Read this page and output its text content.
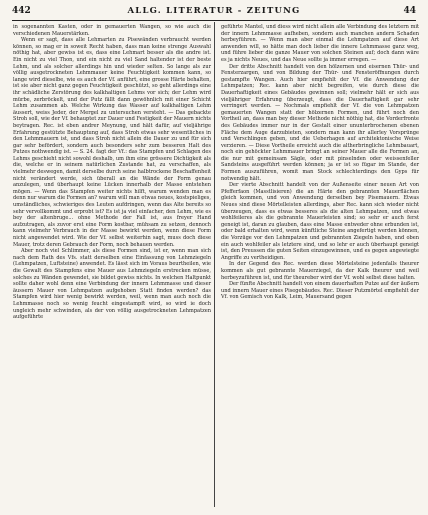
442	ALLG. LITERATUR - ZEITUNG	44

in sogenannten Kasten, oder in gemauerten Wangen, so wie auch die verschiedenen Mauerstärken.

Wenn er sagt, dass alle Lehmarten zu Pisewänden verbraucht werden können, so mag er in soweit Recht haben, dass man keine strenge Auswahl nöthig hat, aber gewiss ist es, dass eine Lehmart besser als die andre ist. Ein nicht zu viel Thon, und ein nicht zu viel Sand haltender ist der beste Lehm, und als solcher allerdings hin und wieder selten. So lange als zur völlig ausgetrockneten Lehmmauer keine Feuchtigkeit kommen kann, so lange wird dieselbe, wie es auch der Vf. anführt, eine grosse Härte behalten, ist sie aber nicht ganz gegen Feuchtigkeit geschützt, so geht allerdings eine ihr schädliche Zerstörung des kalkhaltigen Lehms vor sich; der Lehm wird mürbe, zerbröckelt, und der Putz fällt dann gewöhnlich mit einer Schicht Lehm zusammen ab. Welche Wirkung das Wasser auf kalkhaltigen Lehm äussert, weiss Jeder, der Mergel zu untersuchen versteht. — Das gebackte Stroh soll, wie der Vf. behauptet zur Dauer und Festigkeit der Mauern nichts beytragen. Rec. ist eben andrer Meynung, und hält dafür, auf vieljährige Erfahrung gestützte Behauptung auf, dass Stroh etwas sehr wesentliches in den Lehmmauern ist, und dass Stroh nicht allein die Dauer zu und für sich gar sehr befördert, sondern auch besonders sehr zum besseren Halt des Putzes nothwendig ist. — S. 24. fagt der Vf.: das Stampfen und Schlagen des Lehms geschieht nicht sowohl deshalb, um ihm eine grössere Dichtigkeit als die, welche er in seinem natürlichen Zustande hat, zu verschaffen, als vielmehr deswegen, damit derselbe durch seine halbtrockene Beschaffenheit nicht verändert werde, sich überall an die Wände der Form genau anzulegen, und überhaupt keine Lücken innerhalb der Masse entstehen mögen. — Wenn das Stampfen weiter nichts hilft, warum wenden man es denn nur warum die Formen an? warum will man etwas neues, kostspieliges, umständliches, schwieriges des Leuten aufdringen, wenn das Alte bereits so sehr vervollkommt und erprobt ist? Es ist ja viel einfacher, den Lehm, wie es bey der altenbruge... ohne Methode der Fall ist, aus freyer Hand aufzutragen, als zuvor erst eine Form kostbar, mühsam zu setzen, dennoch kann vielmehr Verbrauch in der Masse bewirkt werden, wenn diese Form nicht angewendet wird. Wie der Vf. selbst weiterhin sagt, muss doch diese Mauer, trotz deren Gebrauch der Form, noch behauen werden.

Aber noch viel Schlimmer, als diese Formen sind, ist er, wenn man sich nach dem Rath des Vfs. statt derselben eine Einfassung von Lehmziegeln (Lehmpatzen, Luftsteine) anwendet. Es lässt sich im Voraus beurtheilen, wie die Gewalt des Stampfens eine Mauer aus Lehmziegeln erstrecken müsse, solches zu Wänden gewendet, sie bildet gewiss nichts. In welchen Haltpunkt sollte daher wohl denn eine Verbindung der innern Lehmmasse und dieser äussern Mauer von Lehmpatzen aufgehoben Statt finden werden? das Stampfen wird hier wenig bewirkt werden, weil, wenn man auch noch die Lehmmasse noch so wenig feucht eingestampft wird, so wird ie doch ungleich mehr schwinden, als der von völlig ausgetrockneten Lehmpatzen aufgeführte

geführte Mantel, und diess wird nicht allein alle Verbindung des letztern mit der innern Lehmmasse aufheben, sondern auch manchen andern Schaden herbeyführen. — Wenn man aber einmal die Lehmpatzen auf diese Art anwenden will, so hätte man doch lieber die innere Lehmmasse ganz weg, und führe lieber die ganze Mauer von solchen Steinen auf; doch dann wäre es ja nichts Neues, und das Neue sollte ja immer erregen. —

Der dritte Abschnitt handelt von den hölzernen und eisernen Thür- und Fensterzargen, und von Bildung der Thür- und Fensteröffnungen durch gestampfte Wangen. Auch hier empfiehlt der Vf. die Anwendung der Lehmpatzen; Rec. kann aber nicht begreifen, wie durch diese die Dauerhaftigkeit eines Gebäudes gewinnen soll; vielmehr hält er sich aus vieljähriger Erfahrung überzeugt, dass die Dauerhaftigkeit gar sehr verringert werden. — Nochmals empfiehlt der Vf. die von Lehmpatzen gemauerten Wangen statt der hölzernen Formen, und führt noch den Vortheil an, dass man bey dieser Methode nicht nöthig hat, die Vorderfronte des Gebäudes immer nur in der Gestalt einer ununterbrochenen ebenen Fläche dem Auge darzubieten, sondern man kann ihr allerley Vorsprünge und Verschlingen geben, und die Ueberhagen auf architektonische Weise verzieren. — Diese Vortheile erreicht auch die altherbringliche Lehmbauart, noch ein gehöckter Lehmmauer bringt an seiner Mauer alle die Formen an, die nur mit gemeinsam Sägle, oder mit pinselnden oder weissenfeller Sandsteins ausgeführt werden können; ja er ist so fügar im Stande, der Formen auszuführen, womit man Stock schlechterdings den Gyps für notwendig hält.

Der vierte Abschnitt handelt von der Außenseite einer neuen Art von Pfefferfaon (Masstlisieren) die an Härte den gebrannten Mauerflächen gleich kommen, und von Anwendung derselben bey Pisemauern. Etwas Neues sind diese Mörtelleisten allerdings, aber Rec. kann sich wieder nicht überzeugen, dass es etwas besseres als die alten Lehmpatzen, und etwas wohlfeileres als die gebrannte Mauerleisten sind; so sehr er auch ferst geneigt ist, daran zu glauben, dass eine Masse entweder ohne erbunden ist, oder bald erhalten wird, wenn künftliche Steine angefertigt werden können, die Vorzüge vor den Lehmpatzen und gebrannten Ziegeln haben, und oben ein auch wohlfeiler als letztere sind, und so lehr er auch überhaupt geneigt ist, den Preussen die guten Seiten einzugewinnen, und es gegen angewiegte Angriffe zu vertheidigen.

In der Gegend des Rec. werden diese Mörtelsteine jedenfalls theurer kommen als gut gebrannte Mauerziegel, da der Kalk theurer und weil herbeyzuführen ist, und für theureber wird der Vf. wohl selbst diese halten.

Der fünfte Abschnitt handelt von einem dauerhaften Putze auf der äußern und innern Mauer eines Pisegebäudes. Rec. Dieser Putzmörtel empfiehlt der Vf. von Gemisch von Kalk, Leim, Mauersand gegen
